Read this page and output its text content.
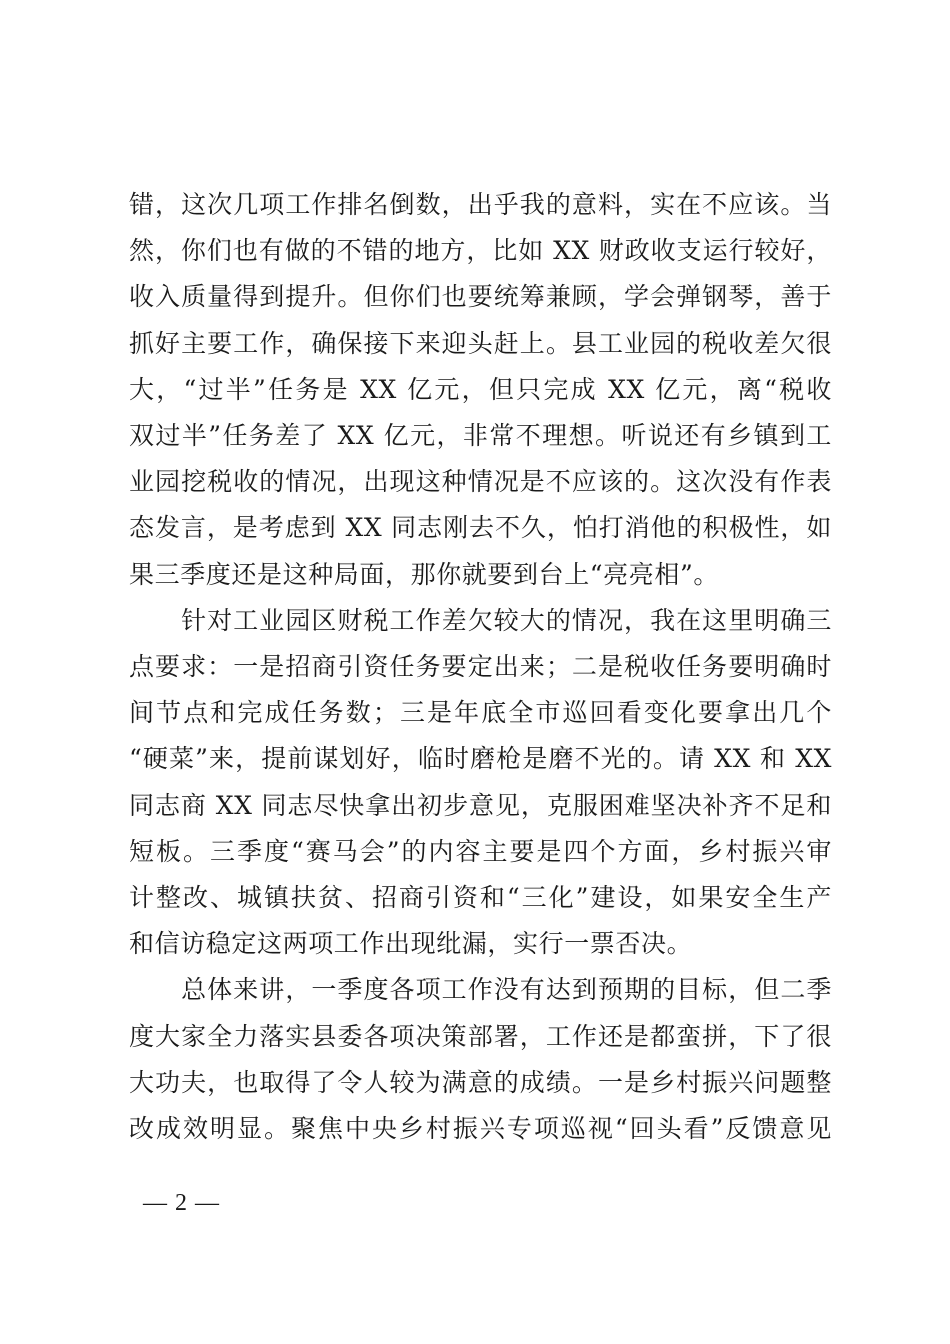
错，这次几项工作排名倒数，出乎我的意料，实在不应该。当

然，你们也有做的不错的地方，比如 XX 财政收支运行较好，

收入质量得到提升。但你们也要统筹兼顾，学会弹钢琴，善于

抓好主要工作，确保接下来迎头赶上。县工业园的税收差欠很

大，“过半”任务是 XX 亿元，但只完成 XX 亿元，离“税收

双过半”任务差了 XX 亿元，非常不理想。听说还有乡镇到工

业园挖税收的情况，出现这种情况是不应该的。这次没有作表

态发言，是考虑到 XX 同志刚去不久，怕打消他的积极性，如

果三季度还是这种局面，那你就要到台上“亮亮相”。

　　针对工业园区财税工作差欠较大的情况，我在这里明确三

点要求：一是招商引资任务要定出来；二是税收任务要明确时

间节点和完成任务数；三是年底全市巡回看变化要拿出几个

“硬菜”来，提前谋划好，临时磨枪是磨不光的。请 XX 和 XX

同志商 XX 同志尽快拿出初步意见，克服困难坚决补齐不足和

短板。三季度“赛马会”的内容主要是四个方面，乡村振兴审

计整改、城镇扶贫、招商引资和“三化”建设，如果安全生产

和信访稳定这两项工作出现纰漏，实行一票否决。

　　总体来讲，一季度各项工作没有达到预期的目标，但二季

度大家全力落实县委各项决策部署，工作还是都蛮拼，下了很

大功夫，也取得了令人较为满意的成绩。一是乡村振兴问题整

改成效明显。聚焦中央乡村振兴专项巡视“回头看”反馈意见

— 2 —
